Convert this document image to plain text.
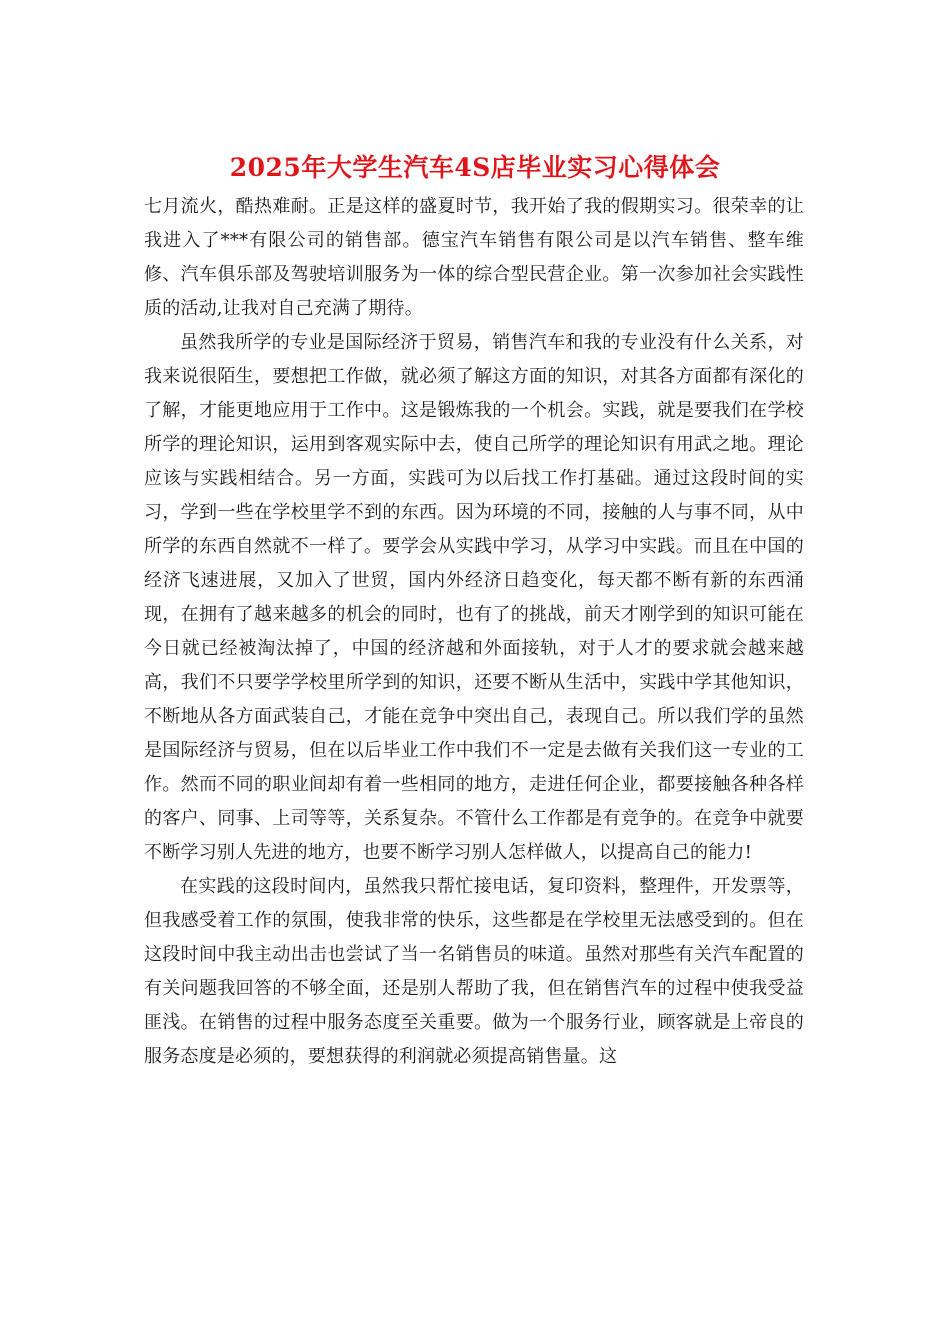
2025年大学生汽车4S店毕业实习心得体会

七月流火，酷热难耐。正是这样的盛夏时节，我开始了我的假期实习。很荣幸的让我进入了***有限公司的销售部。德宝汽车销售有限公司是以汽车销售、整车维修、汽车俱乐部及驾驶培训服务为一体的综合型民营企业。第一次参加社会实践性质的活动,让我对自己充满了期待。

虽然我所学的专业是国际经济于贸易，销售汽车和我的专业没有什么关系，对我来说很陌生，要想把工作做，就必须了解这方面的知识，对其各方面都有深化的了解，才能更地应用于工作中。这是锻炼我的一个机会。实践，就是要我们在学校所学的理论知识，运用到客观实际中去，使自己所学的理论知识有用武之地。理论应该与实践相结合。另一方面，实践可为以后找工作打基础。通过这段时间的实习，学到一些在学校里学不到的东西。因为环境的不同，接触的人与事不同，从中所学的东西自然就不一样了。要学会从实践中学习，从学习中实践。而且在中国的经济飞速进展，又加入了世贸，国内外经济日趋变化，每天都不断有新的东西涌现，在拥有了越来越多的机会的同时，也有了的挑战，前天才刚学到的知识可能在今日就已经被淘汰掉了，中国的经济越和外面接轨，对于人才的要求就会越来越高，我们不只要学学校里所学到的知识，还要不断从生活中，实践中学其他知识，不断地从各方面武装自己，才能在竞争中突出自己，表现自己。所以我们学的虽然是国际经济与贸易，但在以后毕业工作中我们不一定是去做有关我们这一专业的工作。然而不同的职业间却有着一些相同的地方，走进任何企业，都要接触各种各样的客户、同事、上司等等，关系复杂。不管什么工作都是有竞争的。在竞争中就要不断学习别人先进的地方，也要不断学习别人怎样做人，以提高自己的能力!

在实践的这段时间内，虽然我只帮忙接电话，复印资料，整理件，开发票等，但我感受着工作的氛围，使我非常的快乐，这些都是在学校里无法感受到的。但在这段时间中我主动出击也尝试了当一名销售员的味道。虽然对那些有关汽车配置的有关问题我回答的不够全面，还是别人帮助了我，但在销售汽车的过程中使我受益匪浅。在销售的过程中服务态度至关重要。做为一个服务行业，顾客就是上帝良的服务态度是必须的，要想获得的利润就必须提高销售量。这
